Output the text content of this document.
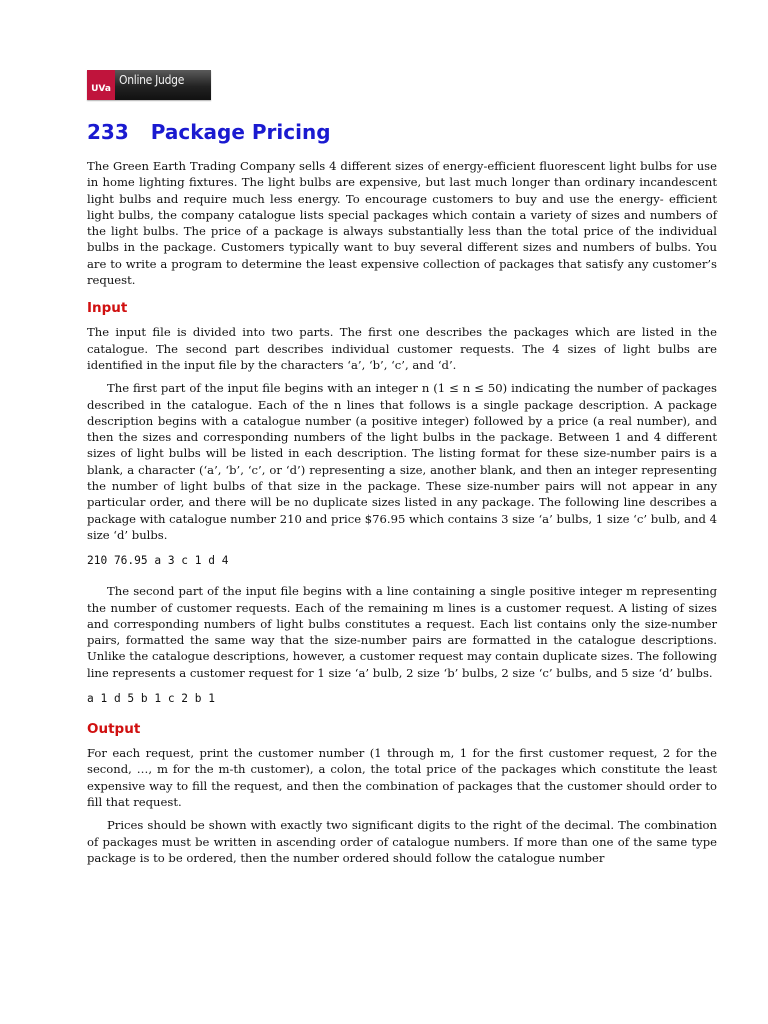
UVa
Online Judge
233 Package Pricing

The Green Earth Trading Company sells 4 different sizes of energy-efficient fluorescent light bulbs for use in home lighting fixtures. The light bulbs are expensive, but last much longer than ordinary incandescent light bulbs and require much less energy. To encourage customers to buy and use the energy- efficient light bulbs, the company catalogue lists special packages which contain a variety of sizes and numbers of the light bulbs. The price of a package is always substantially less than the total price of the individual bulbs in the package. Customers typically want to buy several different sizes and numbers of bulbs. You are to write a program to determine the least expensive collection of packages that satisfy any customer’s request.

Input

The input file is divided into two parts. The first one describes the packages which are listed in the catalogue. The second part describes individual customer requests. The 4 sizes of light bulbs are identified in the input file by the characters ‘a’, ‘b’, ‘c’, and ‘d’.

The first part of the input file begins with an integer n (1 ≤ n ≤ 50) indicating the number of packages described in the catalogue. Each of the n lines that follows is a single package description. A package description begins with a catalogue number (a positive integer) followed by a price (a real number), and then the sizes and corresponding numbers of the light bulbs in the package. Between 1 and 4 different sizes of light bulbs will be listed in each description. The listing format for these size-number pairs is a blank, a character (‘a’, ‘b’, ‘c’, or ‘d’) representing a size, another blank, and then an integer representing the number of light bulbs of that size in the package. These size-number pairs will not appear in any particular order, and there will be no duplicate sizes listed in any package. The following line describes a package with catalogue number 210 and price $76.95 which contains 3 size ‘a’ bulbs, 1 size ‘c’ bulb, and 4 size ‘d’ bulbs.

210 76.95 a 3 c 1 d 4

The second part of the input file begins with a line containing a single positive integer m representing the number of customer requests. Each of the remaining m lines is a customer request. A listing of sizes and corresponding numbers of light bulbs constitutes a request. Each list contains only the size-number pairs, formatted the same way that the size-number pairs are formatted in the catalogue descriptions. Unlike the catalogue descriptions, however, a customer request may contain duplicate sizes. The following line represents a customer request for 1 size ‘a’ bulb, 2 size ‘b’ bulbs, 2 size ‘c’ bulbs, and 5 size ‘d’ bulbs.

a 1 d 5 b 1 c 2 b 1
Output

For each request, print the customer number (1 through m, 1 for the first customer request, 2 for the second, …, m for the m-th customer), a colon, the total price of the packages which constitute the least expensive way to fill the request, and then the combination of packages that the customer should order to fill that request.

Prices should be shown with exactly two significant digits to the right of the decimal. The combination of packages must be written in ascending order of catalogue numbers. If more than one of the same type package is to be ordered, then the number ordered should follow the catalogue number
